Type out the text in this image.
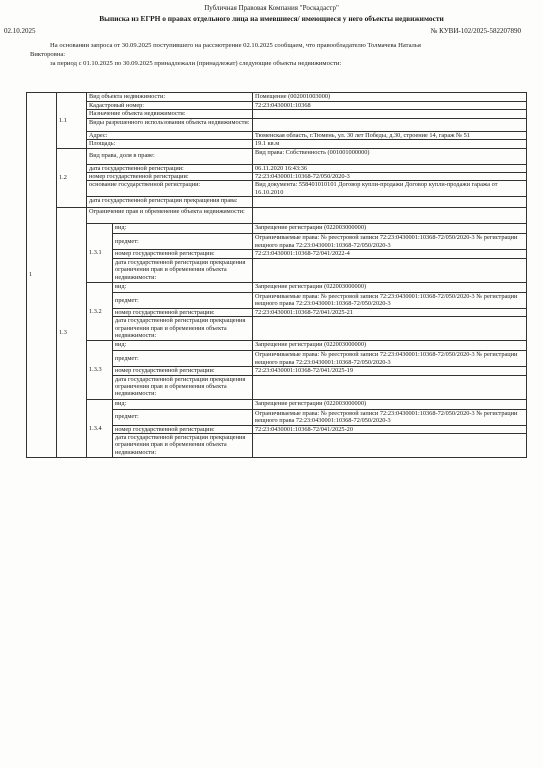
Публичная Правовая Компания "Роскадастр"
Выписка из ЕГРН о правах отдельного лица на имевшиеся/ имеющиеся у него объекты недвижимости
02.10.2025	№ КУВИ-102/2025-582207890

На основании запроса от 30.09.2025 поступившего на рассмотрение 02.10.2025 сообщаем, что правообладателю Толмачева Наталья

Викторовна:

за период с 01.10.2025 по 30.09.2025 принадлежали (принадлежат) следующие объекты недвижимости:

1	1.1	Вид объекта недвижимости:		Помещение (002001003000)
		Кадастровый номер:		72:23:0430001:10368
		Назначение объекта недвижимости:		
		Виды разрешенного использования объекта недвижимости:		
		Адрес:		Тюменская область, г.Тюмень, ул. 30 лет Победы, д.30, строение 14, гараж № 51
		Площадь:		19.1 кв.м
	1.2	Вид права, доля в праве:		Вид права: Собственность (001001000000)
		дата государственной регистрации:		06.11.2020 16:43:36
		номер государственной регистрации:		72:23:0430001:10368-72/050/2020-3
		основание государственной регистрации:		Вид документа: 558401010101 Договор купли-продажи Договор купли-продажи гаража от 16.10.2010
		дата государственной регистрации прекращения права:		
	1.3	Ограничение прав и обременение объекта недвижимости:		
		1.3.1	вид:	Запрещение регистрации (022003000000)
			предмет:	Ограничиваемые права: № реестровой записи 72:23:0430001:10368-72/050/2020-3 № регистрации вещного права 72:23:0430001:10368-72/050/2020-3
			номер государственной регистрации:	72:23:0430001:10368-72/041/2022-4
			дата государственной регистрации прекращения ограничения прав и обременения объекта недвижимости:	
		1.3.2	вид:	Запрещение регистрации (022003000000)
			предмет:	Ограничиваемые права: № реестровой записи 72:23:0430001:10368-72/050/2020-3 № регистрации вещного права 72:23:0430001:10368-72/050/2020-3
			номер государственной регистрации:	72:23:0430001:10368-72/041/2025-21
			дата государственной регистрации прекращения ограничения прав и обременения объекта недвижимости:	
		1.3.3	вид:	Запрещение регистрации (022003000000)
			предмет:	Ограничиваемые права: № реестровой записи 72:23:0430001:10368-72/050/2020-3 № регистрации вещного права 72:23:0430001:10368-72/050/2020-3
			номер государственной регистрации:	72:23:0430001:10368-72/041/2025-19
			дата государственной регистрации прекращения ограничения прав и обременения объекта недвижимости:	
		1.3.4	вид:	Запрещение регистрации (022003000000)
			предмет:	Ограничиваемые права: № реестровой записи 72:23:0430001:10368-72/050/2020-3 № регистрации вещного права 72:23:0430001:10368-72/050/2020-3
			номер государственной регистрации:	72:23:0430001:10368-72/041/2025-20
			дата государственной регистрации прекращения ограничения прав и обременения объекта недвижимости:	
